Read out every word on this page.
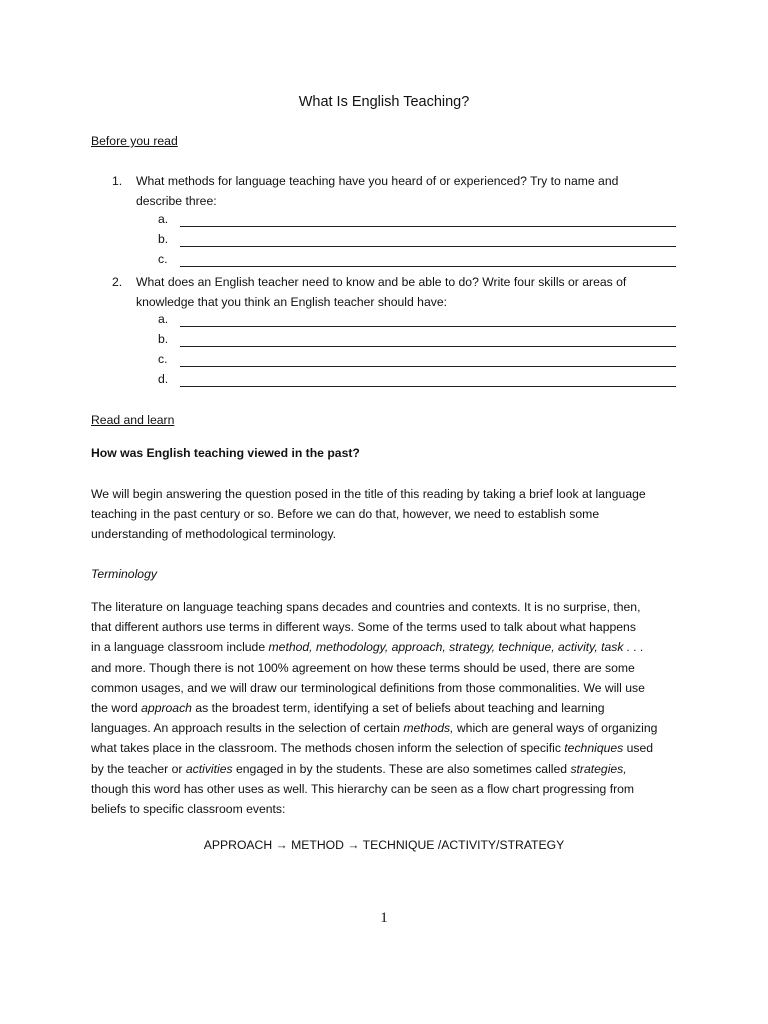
What Is English Teaching?
Before you read
1. What methods for language teaching have you heard of or experienced? Try to name and
describe three:
a.
b.
c.
2. What does an English teacher need to know and be able to do? Write four skills or areas of
knowledge that you think an English teacher should have:
a.
b.
c.
d.
Read and learn
How was English teaching viewed in the past?
We will begin answering the question posed in the title of this reading by taking a brief look at language
teaching in the past century or so. Before we can do that, however, we need to establish some
understanding of methodological terminology.
Terminology
The literature on language teaching spans decades and countries and contexts. It is no surprise, then,
that different authors use terms in different ways. Some of the terms used to talk about what happens
in a language classroom include method, methodology, approach, strategy, technique, activity, task . . .
and more. Though there is not 100% agreement on how these terms should be used, there are some
common usages, and we will draw our terminological definitions from those commonalities. We will use
the word approach as the broadest term, identifying a set of beliefs about teaching and learning
languages. An approach results in the selection of certain methods, which are general ways of organizing
what takes place in the classroom. The methods chosen inform the selection of specific techniques used
by the teacher or activities engaged in by the students. These are also sometimes called strategies,
though this word has other uses as well. This hierarchy can be seen as a flow chart progressing from
beliefs to specific classroom events:
APPROACH → METHOD → TECHNIQUE /ACTIVITY/STRATEGY
1
